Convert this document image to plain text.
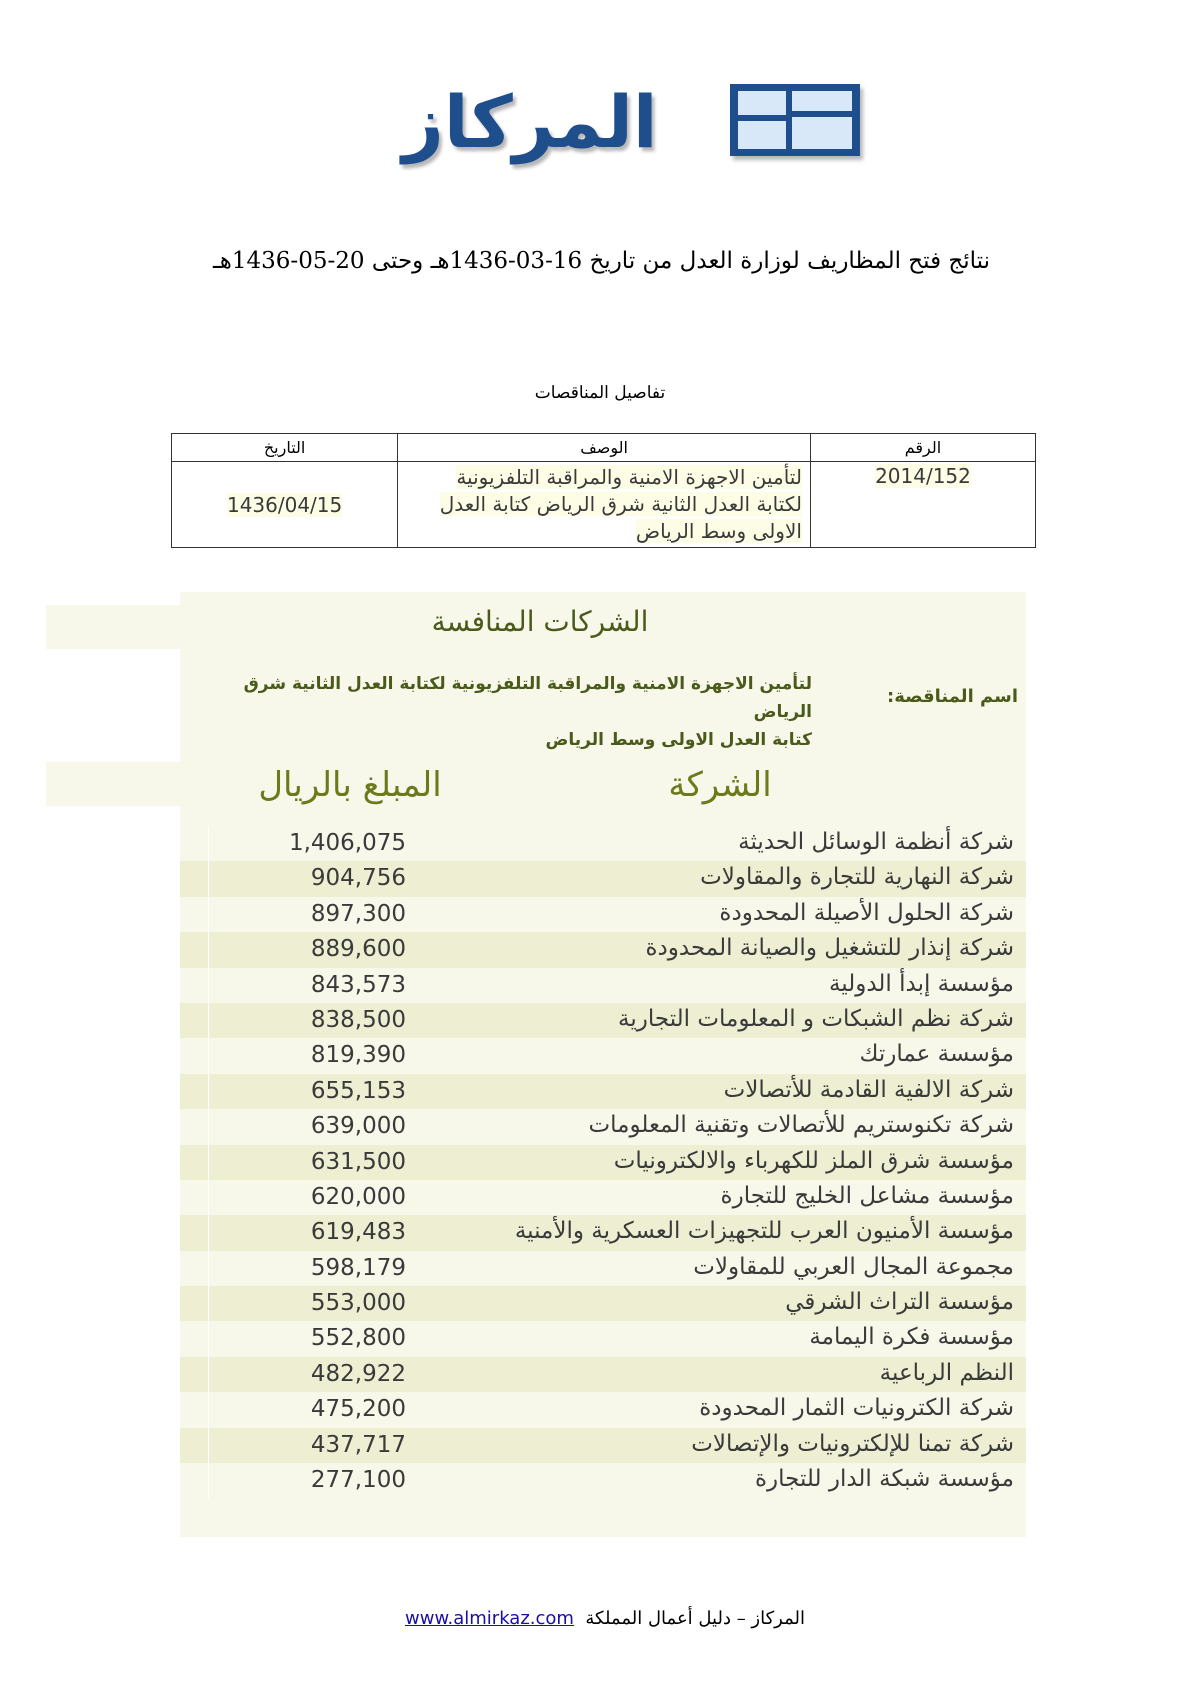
المركاز
نتائج فتح المظاريف لوزارة العدل من تاريخ 16-03-1436هـ وحتى 20-05-1436هـ
تفاصيل المناقصات
الرقم	الوصف	التاريخ
2014/152	لتأمين الاجهزة الامنية والمراقبة التلفزيونية
لكتابة العدل الثانية شرق الرياض كتابة العدل
الاولى وسط الرياض	1436/04/15
الشركات المنافسة
اسم المناقصة:
لتأمين الاجهزة الامنية والمراقبة التلفزيونية لكتابة العدل الثانية شرق الرياض
كتابة العدل الاولى وسط الرياض
الشركة
المبلغ بالريال
1,406,075	شركة أنظمة الوسائل الحديثة
904,756	شركة النهارية للتجارة والمقاولات
897,300	شركة الحلول الأصيلة المحدودة
889,600	شركة إنذار للتشغيل والصيانة المحدودة
843,573	مؤسسة إبدأ الدولية
838,500	شركة نظم الشبكات و المعلومات التجارية
819,390	مؤسسة عمارتك
655,153	شركة الالفية القادمة للأتصالات
639,000	شركة تكنوستريم للأتصالات وتقنية المعلومات
631,500	مؤسسة شرق الملز للكهرباء والالكترونيات
620,000	مؤسسة مشاعل الخليج للتجارة
619,483	مؤسسة الأمنيون العرب للتجهيزات العسكرية والأمنية
598,179	مجموعة المجال العربي للمقاولات
553,000	مؤسسة التراث الشرقي
552,800	مؤسسة فكرة اليمامة
482,922	النظم الرباعية
475,200	شركة الكترونيات الثمار المحدودة
437,717	شركة تمنا للإلكترونيات والإتصالات
277,100	مؤسسة شبكة الدار للتجارة
المركاز – دليل أعمال المملكة  www.almirkaz.com
